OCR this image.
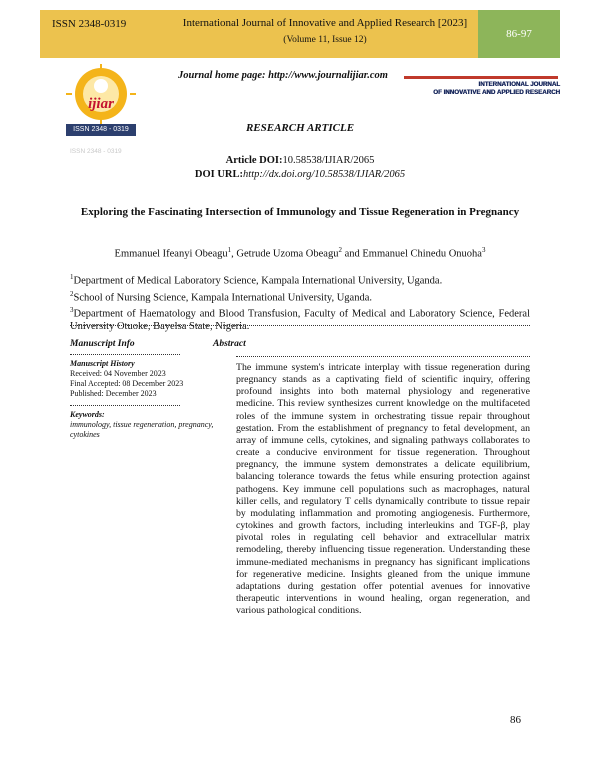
ISSN 2348-0319	International Journal of Innovative and Applied Research [2023]
(Volume 11, Issue 12)	86-97
ijiar
ISSN 2348 - 0319
ISSN 2348 - 0319
Journal home page: http://www.journalijiar.com
INTERNATIONAL JOURNAL
OF INNOVATIVE AND APPLIED RESEARCH
RESEARCH ARTICLE
Article DOI:10.58538/IJIAR/2065
DOI URL:http://dx.doi.org/10.58538/IJIAR/2065
Exploring the Fascinating Intersection of Immunology and Tissue Regeneration in Pregnancy
Emmanuel Ifeanyi Obeagu$^1$, Getrude Uzoma Obeagu$^2$ and Emmanuel Chinedu Onuoha$^3$

$^1$Department of Medical Laboratory Science, Kampala International University, Uganda.

$^2$School of Nursing Science, Kampala International University, Uganda.

$^3$Department of Haematology and Blood Transfusion, Faculty of Medical and Laboratory Science, Federal University Otuoke, Bayelsa State, Nigeria.

Manuscript Info	Abstract
Manuscript History
Received: 04 November 2023
Final Accepted: 08 December 2023
Published: December 2023
Keywords:
immunology, tissue regeneration, pregnancy, cytokines
The immune system's intricate interplay with tissue regeneration during pregnancy stands as a captivating field of scientific inquiry, offering profound insights into both maternal physiology and regenerative medicine. This review synthesizes current knowledge on the multifaceted roles of the immune system in orchestrating tissue repair throughout gestation. From the establishment of pregnancy to fetal development, an array of immune cells, cytokines, and signaling pathways collaborates to create a conducive environment for tissue regeneration. Throughout pregnancy, the immune system demonstrates a delicate equilibrium, balancing tolerance towards the fetus while ensuring protection against pathogens. Key immune cell populations such as macrophages, natural killer cells, and regulatory T cells dynamically contribute to tissue repair by modulating inflammation and promoting angiogenesis. Furthermore, cytokines and growth factors, including interleukins and TGF-β, play pivotal roles in regulating cell behavior and extracellular matrix remodeling, thereby influencing tissue regeneration. Understanding these immune-mediated mechanisms in pregnancy has significant implications for regenerative medicine. Insights gleaned from the unique immune adaptations during gestation offer potential avenues for innovative therapeutic interventions in wound healing, organ regeneration, and various pathological conditions.
86
